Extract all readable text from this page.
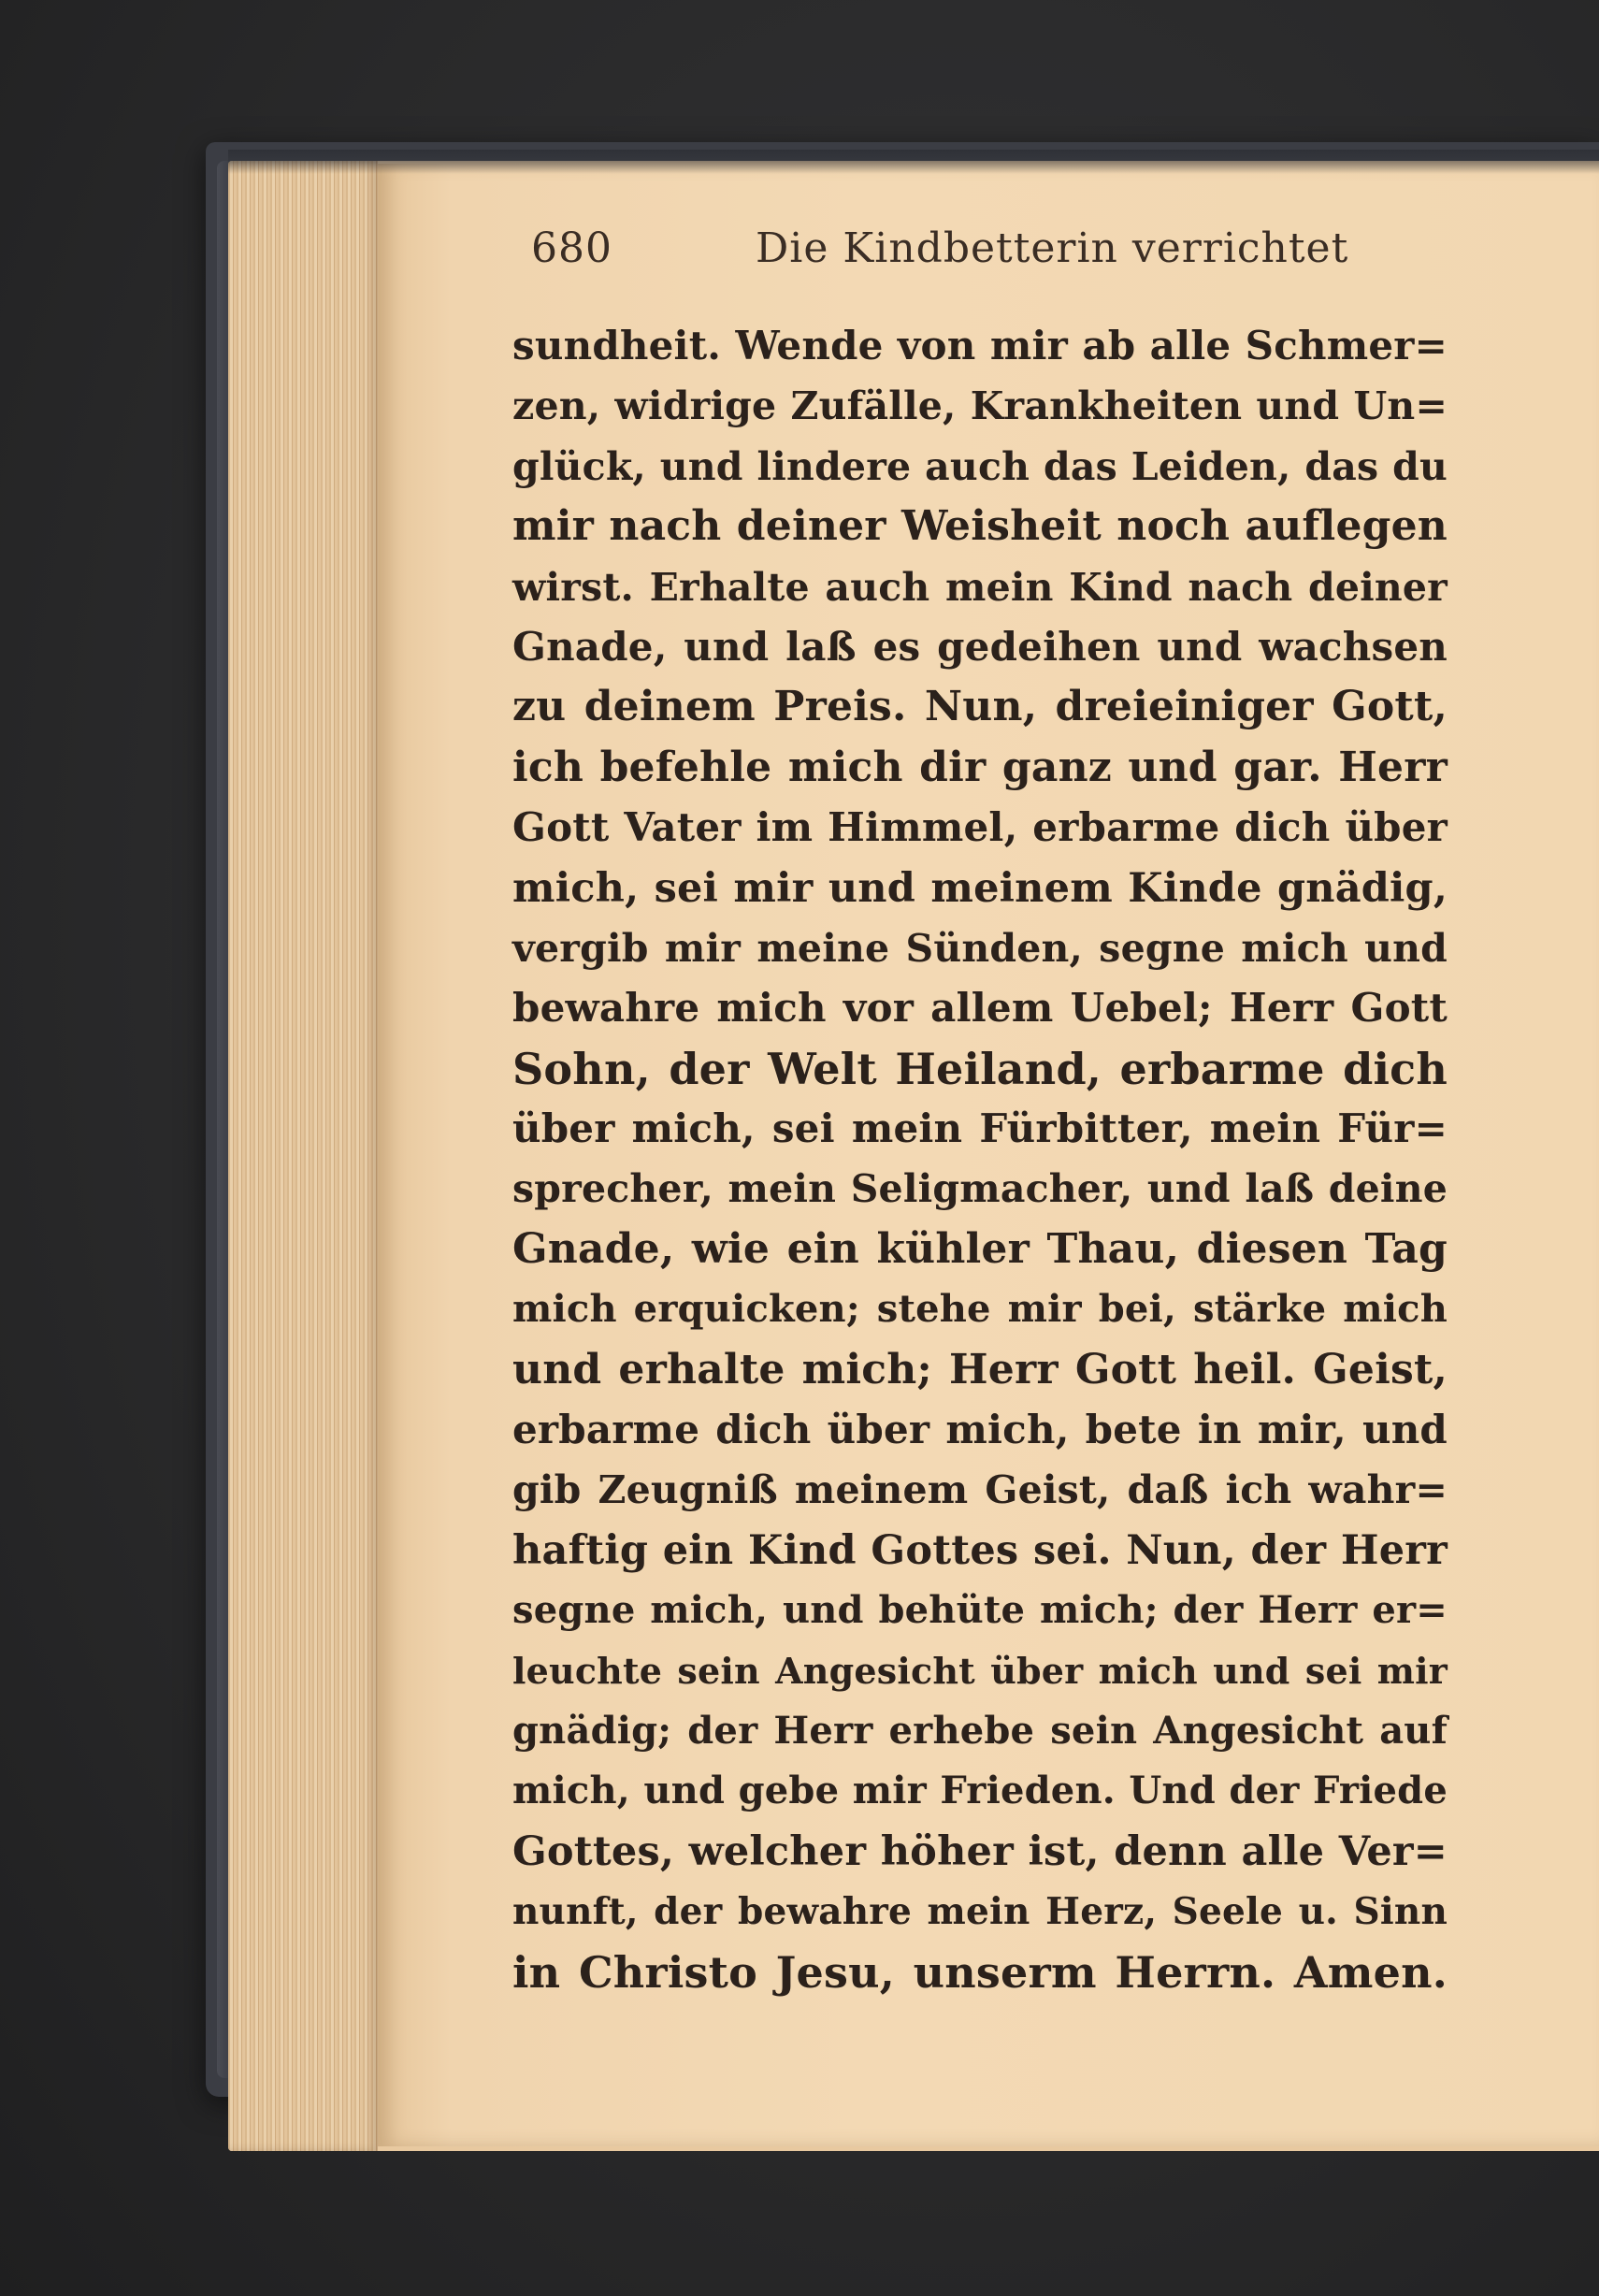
680	Die Kindbetterin verrichtet
sundheit. Wende von mir ab alle Schmer=
zen, widrige Zufälle, Krankheiten und Un=
glück, und lindere auch das Leiden, das du
mir nach deiner Weisheit noch auflegen
wirst. Erhalte auch mein Kind nach deiner
Gnade, und laß es gedeihen und wachsen
zu deinem Preis. Nun, dreieiniger Gott,
ich befehle mich dir ganz und gar. Herr
Gott Vater im Himmel, erbarme dich über
mich, sei mir und meinem Kinde gnädig,
vergib mir meine Sünden, segne mich und
bewahre mich vor allem Uebel; Herr Gott
Sohn, der Welt Heiland, erbarme dich
über mich, sei mein Fürbitter, mein Für=
sprecher, mein Seligmacher, und laß deine
Gnade, wie ein kühler Thau, diesen Tag
mich erquicken; stehe mir bei, stärke mich
und erhalte mich; Herr Gott heil. Geist,
erbarme dich über mich, bete in mir, und
gib Zeugniß meinem Geist, daß ich wahr=
haftig ein Kind Gottes sei. Nun, der Herr
segne mich, und behüte mich; der Herr er=
leuchte sein Angesicht über mich und sei mir
gnädig; der Herr erhebe sein Angesicht auf
mich, und gebe mir Frieden. Und der Friede
Gottes, welcher höher ist, denn alle Ver=
nunft, der bewahre mein Herz, Seele u. Sinn
in Christo Jesu, unserm Herrn. Amen.
